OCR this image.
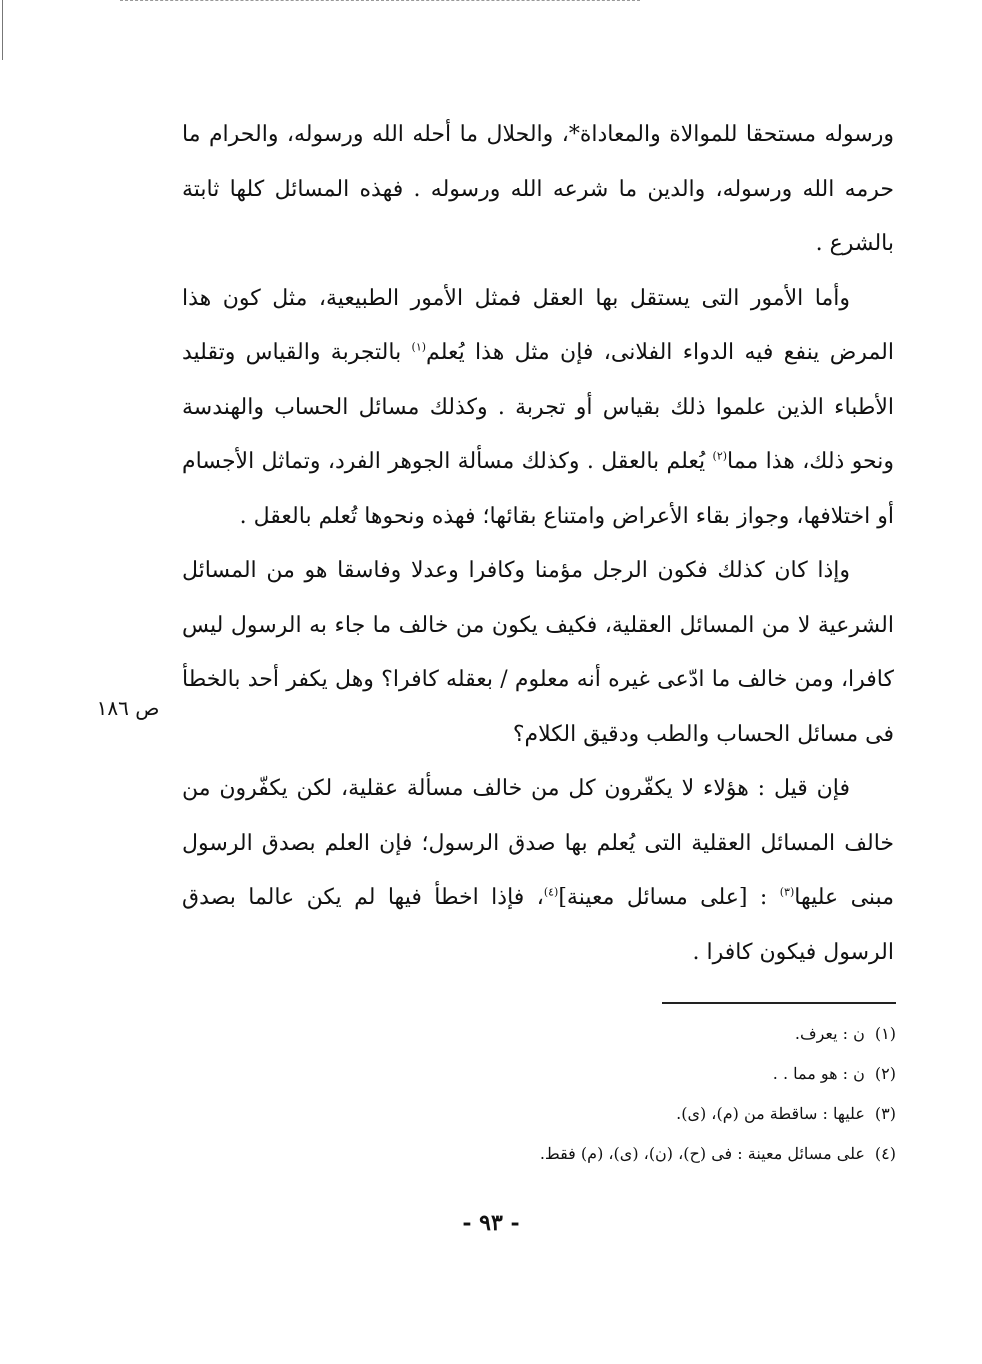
ورسوله مستحقا للموالاة والمعاداة*، والحلال ما أحله الله ورسوله، والحرام ما حرمه الله ورسوله، والدين ما شرعه الله ورسوله . فهذه المسائل كلها ثابتة بالشرع .

وأما الأمور التى يستقل بها العقل فمثل الأمور الطبيعية، مثل كون هذا المرض ينفع فيه الدواء الفلانى، فإن مثل هذا يُعلم$^{(١)}$ بالتجربة والقياس وتقليد الأطباء الذين علموا ذلك بقياس أو تجربة . وكذلك مسائل الحساب والهندسة ونحو ذلك، هذا مما$^{(٢)}$ يُعلم بالعقل . وكذلك مسألة الجوهر الفرد، وتماثل الأجسام أو اختلافها، وجواز بقاء الأعراض وامتناع بقائها؛ فهذه ونحوها تُعلم بالعقل .

وإذا كان كذلك فكون الرجل مؤمنا وكافرا وعدلا وفاسقا هو من المسائل الشرعية لا من المسائل العقلية، فكيف يكون من خالف ما جاء به الرسول ليس كافرا، ومن خالف ما ادّعى غيره أنه معلوم / بعقله كافرا؟ وهل يكفر أحد بالخطأ فى مسائل الحساب والطب ودقيق الكلام؟

فإن قيل : هؤلاء لا يكفّرون كل من خالف مسألة عقلية، لكن يكفّرون من خالف المسائل العقلية التى يُعلم بها صدق الرسول؛ فإن العلم بصدق الرسول مبنى عليها$^{(٣)}$ : [على مسائل معينة]$^{(٤)}$، فإذا اخطأ فيها لم يكن عالما بصدق الرسول فيكون كافرا .

ص ١٨٦
(١)ن : يعرف.
(٢)ن : هو مما . .
(٣)عليها : ساقطة من (م)، (ى).
(٤)على مسائل معينة : فى (ح)، (ن)، (ى)، (م) فقط.
- ٩٣ -
